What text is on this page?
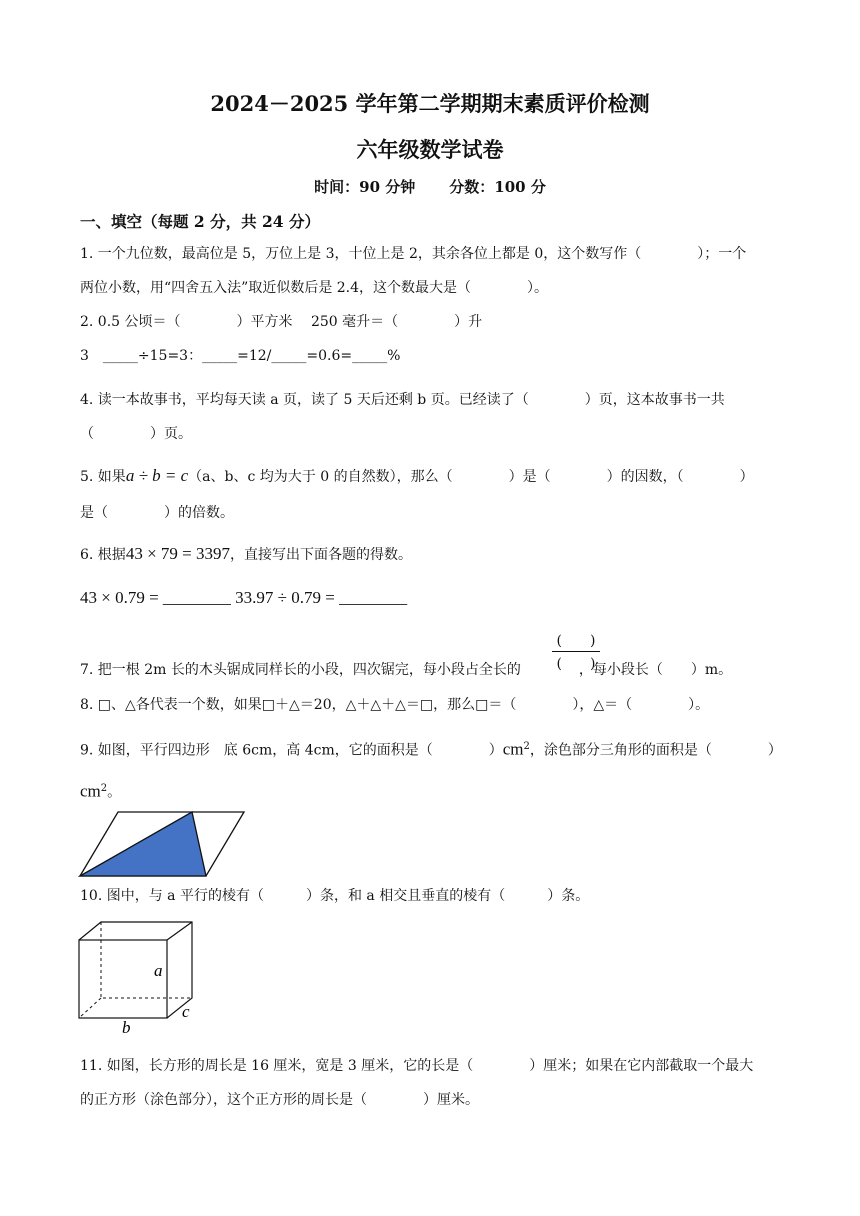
2024－2025 学年第二学期期末素质评价检测
六年级数学试卷
时间：90 分钟 分数：100 分
一、填空（每题 2 分，共 24 分）
1. 一个九位数，最高位是 5，万位上是 3，十位上是 2，其余各位上都是 0，这个数写作（　　　　）；一个
两位小数，用“四舍五入法”取近似数后是 2.4，这个数最大是（　　　　）。
2. 0.5 公顷＝（　　　　）平方米　 250 毫升＝（　　　　）升
3　_____÷15=3：_____=12/_____=0.6=_____%
4. 读一本故事书，平均每天读 a 页，读了 5 天后还剩 b 页。已经读了（　　　　）页，这本故事书一共
（　　　　）页。
5. 如果a ÷ b = c（a、b、c 均为大于 0 的自然数），那么（　　　　）是（　　　　）的因数，（　　　　）
是（　　　　）的倍数。
6. 根据43 × 79 = 3397，直接写出下面各题的得数。
43 × 0.79 = ________ 33.97 ÷ 0.79 = ________
(　　)
(　　)
7. 把一根 2m 长的木头锯成同样长的小段，四次锯完，每小段占全长的	，每小段长（　　）m。
8. □、△各代表一个数，如果□＋△＝20，△＋△＋△＝□，那么□＝（　　　　），△＝（　　　　）。
9. 如图，平行四边形　底 6cm，高 4cm，它的面积是（　　　　）$cm^2$，涂色部分三角形的面积是（　　　　）
$cm^2$。
10. 图中，与 a 平行的棱有（　　　）条，和 a 相交且垂直的棱有（　　　）条。
a
b
c
11. 如图，长方形的周长是 16 厘米，宽是 3 厘米，它的长是（　　　　）厘米；如果在它内部截取一个最大
的正方形（涂色部分），这个正方形的周长是（　　　　）厘米。
